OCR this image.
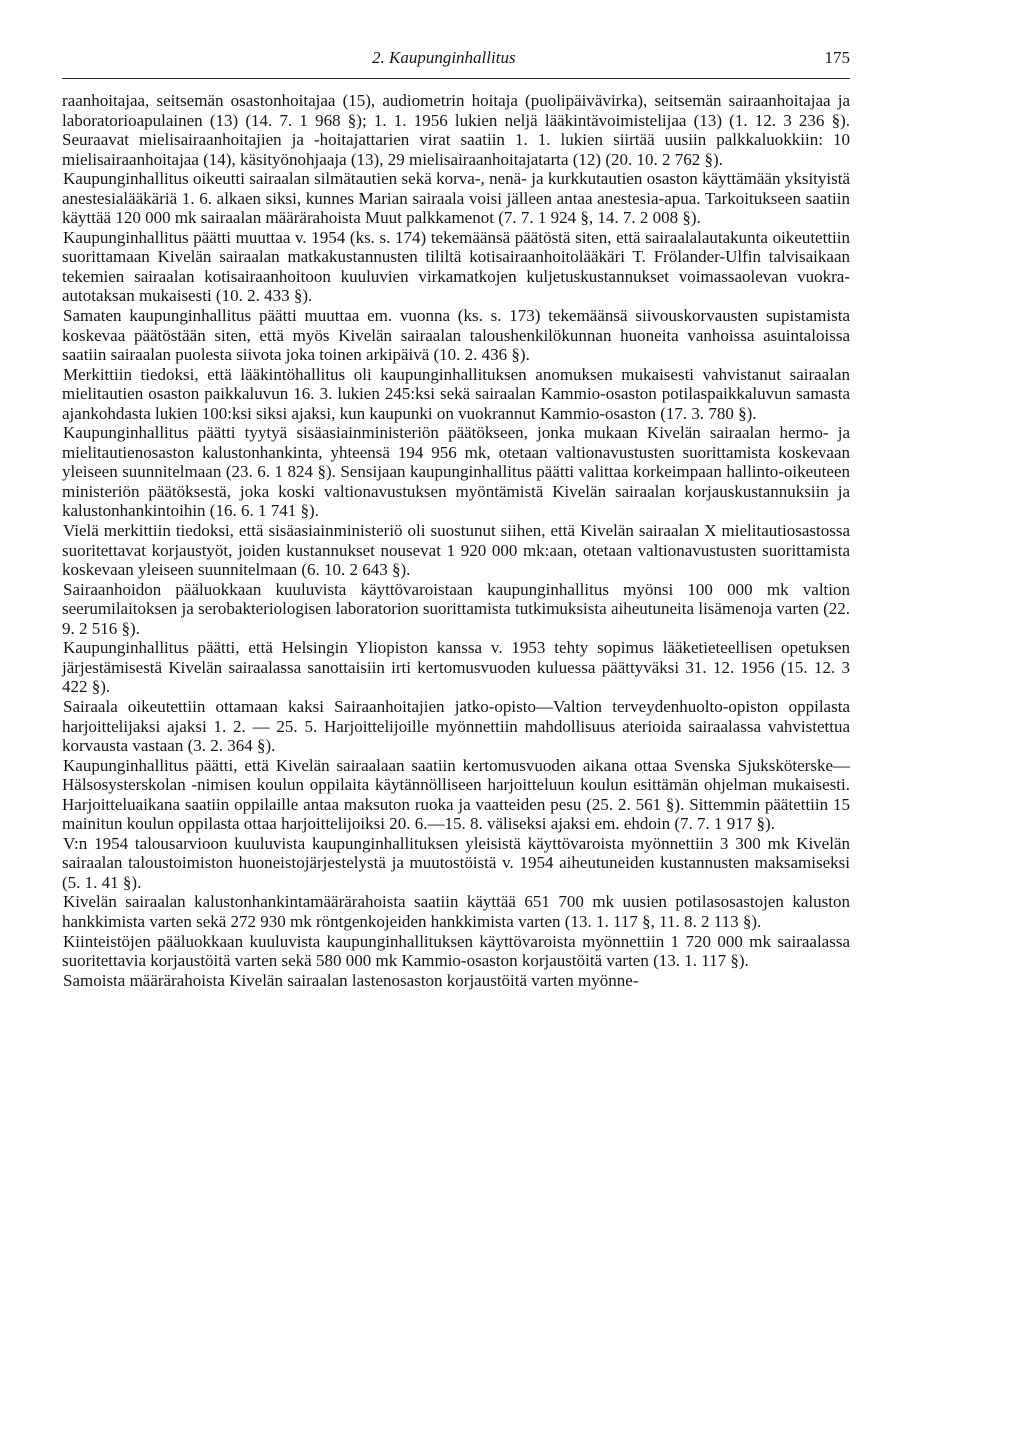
2. Kaupunginhallitus	175

raanhoitajaa, seitsemän osastonhoitajaa (15), audiometrin hoitaja (puolipäivävirka), seitsemän sairaanhoitajaa ja laboratorioapulainen (13) (14. 7. 1 968 §); 1. 1. 1956 lukien neljä lääkintävoimistelijaa (13) (1. 12. 3 236 §). Seuraavat mielisairaanhoitajien ja -hoitajattarien virat saatiin 1. 1. lukien siirtää uusiin palkkaluokkiin: 10 mielisairaanhoitajaa (14), käsityönohjaaja (13), 29 mielisairaanhoitajatarta (12) (20. 10. 2 762 §).

Kaupunginhallitus oikeutti sairaalan silmätautien sekä korva-, nenä- ja kurkkutautien osaston käyttämään yksityistä anestesialääkäriä 1. 6. alkaen siksi, kunnes Marian sairaala voisi jälleen antaa anestesia-apua. Tarkoitukseen saatiin käyttää 120 000 mk sairaalan määrärahoista Muut palkkamenot (7. 7. 1 924 §, 14. 7. 2 008 §).

Kaupunginhallitus päätti muuttaa v. 1954 (ks. s. 174) tekemäänsä päätöstä siten, että sairaalalautakunta oikeutettiin suorittamaan Kivelän sairaalan matkakustannusten tililtä kotisairaanhoitolääkäri T. Frölander-Ulfin talvisaikaan tekemien sairaalan kotisairaanhoitoon kuuluvien virkamatkojen kuljetuskustannukset voimassaolevan vuokra-autotaksan mukaisesti (10. 2. 433 §).

Samaten kaupunginhallitus päätti muuttaa em. vuonna (ks. s. 173) tekemäänsä siivouskorvausten supistamista koskevaa päätöstään siten, että myös Kivelän sairaalan taloushenkilökunnan huoneita vanhoissa asuintaloissa saatiin sairaalan puolesta siivota joka toinen arkipäivä (10. 2. 436 §).

Merkittiin tiedoksi, että lääkintöhallitus oli kaupunginhallituksen anomuksen mukaisesti vahvistanut sairaalan mielitautien osaston paikkaluvun 16. 3. lukien 245:ksi sekä sairaalan Kammio-osaston potilaspaikkaluvun samasta ajankohdasta lukien 100:ksi siksi ajaksi, kun kaupunki on vuokrannut Kammio-osaston (17. 3. 780 §).

Kaupunginhallitus päätti tyytyä sisäasiainministeriön päätökseen, jonka mukaan Kivelän sairaalan hermo- ja mielitautienosaston kalustonhankinta, yhteensä 194 956 mk, otetaan valtionavustusten suorittamista koskevaan yleiseen suunnitelmaan (23. 6. 1 824 §). Sensijaan kaupunginhallitus päätti valittaa korkeimpaan hallinto-oikeuteen ministeriön päätöksestä, joka koski valtionavustuksen myöntämistä Kivelän sairaalan korjauskustannuksiin ja kalustonhankintoihin (16. 6. 1 741 §).

Vielä merkittiin tiedoksi, että sisäasiainministeriö oli suostunut siihen, että Kivelän sairaalan X mielitautiosastossa suoritettavat korjaustyöt, joiden kustannukset nousevat 1 920 000 mk:aan, otetaan valtionavustusten suorittamista koskevaan yleiseen suunnitelmaan (6. 10. 2 643 §).

Sairaanhoidon pääluokkaan kuuluvista käyttövaroistaan kaupunginhallitus myönsi 100 000 mk valtion seerumilaitoksen ja serobakteriologisen laboratorion suorittamista tutkimuksista aiheutuneita lisämenoja varten (22. 9. 2 516 §).

Kaupunginhallitus päätti, että Helsingin Yliopiston kanssa v. 1953 tehty sopimus lääketieteellisen opetuksen järjestämisestä Kivelän sairaalassa sanottaisiin irti kertomusvuoden kuluessa päättyväksi 31. 12. 1956 (15. 12. 3 422 §).

Sairaala oikeutettiin ottamaan kaksi Sairaanhoitajien jatko-opisto—Valtion terveydenhuolto-opiston oppilasta harjoittelijaksi ajaksi 1. 2. — 25. 5. Harjoittelijoille myönnettiin mahdollisuus aterioida sairaalassa vahvistettua korvausta vastaan (3. 2. 364 §).

Kaupunginhallitus päätti, että Kivelän sairaalaan saatiin kertomusvuoden aikana ottaa Svenska Sjuksköterske—Hälsosysterskolan -nimisen koulun oppilaita käytännölliseen harjoitteluun koulun esittämän ohjelman mukaisesti. Harjoitteluaikana saatiin oppilaille antaa maksuton ruoka ja vaatteiden pesu (25. 2. 561 §). Sittemmin päätettiin 15 mainitun koulun oppilasta ottaa harjoittelijoiksi 20. 6.—15. 8. väliseksi ajaksi em. ehdoin (7. 7. 1 917 §).

V:n 1954 talousarvioon kuuluvista kaupunginhallituksen yleisistä käyttövaroista myönnettiin 3 300 mk Kivelän sairaalan taloustoimiston huoneistojärjestelystä ja muutostöistä v. 1954 aiheutuneiden kustannusten maksamiseksi (5. 1. 41 §).

Kivelän sairaalan kalustonhankintamäärärahoista saatiin käyttää 651 700 mk uusien potilasosastojen kaluston hankkimista varten sekä 272 930 mk röntgenkojeiden hankkimista varten (13. 1. 117 §, 11. 8. 2 113 §).

Kiinteistöjen pääluokkaan kuuluvista kaupunginhallituksen käyttövaroista myönnettiin 1 720 000 mk sairaalassa suoritettavia korjaustöitä varten sekä 580 000 mk Kammio-osaston korjaustöitä varten (13. 1. 117 §).

Samoista määrärahoista Kivelän sairaalan lastenosaston korjaustöitä varten myönne-
